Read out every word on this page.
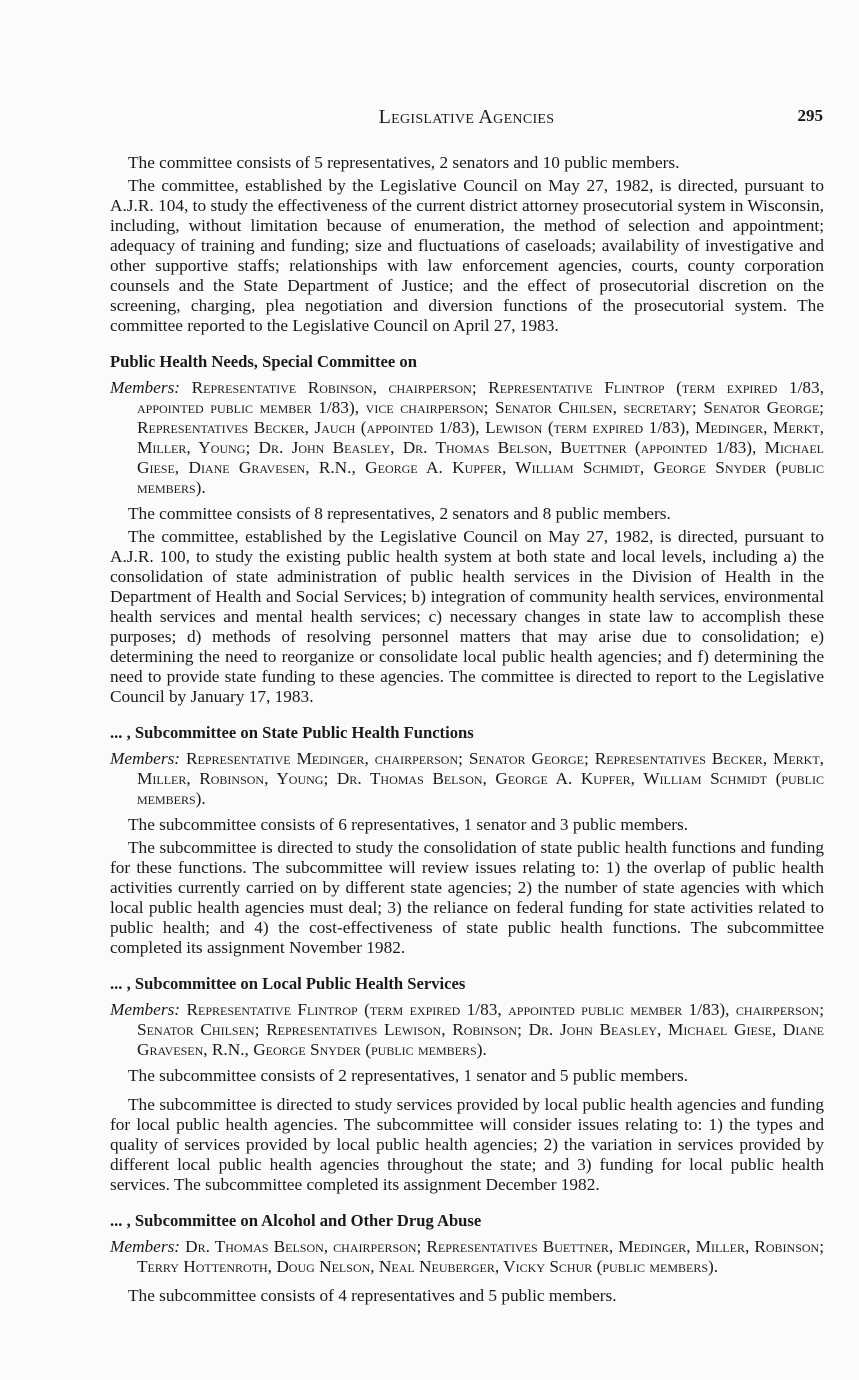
Legislative Agencies	295

The committee consists of 5 representatives, 2 senators and 10 public members.

The committee, established by the Legislative Council on May 27, 1982, is directed, pursuant to A.J.R. 104, to study the effectiveness of the current district attorney prosecutorial system in Wisconsin, including, without limitation because of enumeration, the method of selection and appointment; adequacy of training and funding; size and fluctuations of caseloads; availability of investigative and other supportive staffs; relationships with law enforcement agencies, courts, county corporation counsels and the State Department of Justice; and the effect of prosecutorial discretion on the screening, charging, plea negotiation and diversion functions of the prosecutorial system. The committee reported to the Legislative Council on April 27, 1983.

Public Health Needs, Special Committee on

Members: Representative Robinson, chairperson; Representative Flintrop (term expired 1/83, appointed public member 1/83), vice chairperson; Senator Chilsen, secretary; Senator George; Representatives Becker, Jauch (appointed 1/83), Lewison (term expired 1/83), Medinger, Merkt, Miller, Young; Dr. John Beasley, Dr. Thomas Belson, Buettner (appointed 1/83), Michael Giese, Diane Gravesen, R.N., George A. Kupfer, William Schmidt, George Snyder (public members).

The committee consists of 8 representatives, 2 senators and 8 public members.

The committee, established by the Legislative Council on May 27, 1982, is directed, pursuant to A.J.R. 100, to study the existing public health system at both state and local levels, including a) the consolidation of state administration of public health services in the Division of Health in the Department of Health and Social Services; b) integration of community health services, environmental health services and mental health services; c) necessary changes in state law to accomplish these purposes; d) methods of resolving personnel matters that may arise due to consolidation; e) determining the need to reorganize or consolidate local public health agencies; and f) determining the need to provide state funding to these agencies. The committee is directed to report to the Legislative Council by January 17, 1983.

... , Subcommittee on State Public Health Functions

Members: Representative Medinger, chairperson; Senator George; Representatives Becker, Merkt, Miller, Robinson, Young; Dr. Thomas Belson, George A. Kupfer, William Schmidt (public members).

The subcommittee consists of 6 representatives, 1 senator and 3 public members.

The subcommittee is directed to study the consolidation of state public health functions and funding for these functions. The subcommittee will review issues relating to: 1) the overlap of public health activities currently carried on by different state agencies; 2) the number of state agencies with which local public health agencies must deal; 3) the reliance on federal funding for state activities related to public health; and 4) the cost-effectiveness of state public health functions. The subcommittee completed its assignment November 1982.

... , Subcommittee on Local Public Health Services

Members: Representative Flintrop (term expired 1/83, appointed public member 1/83), chairperson; Senator Chilsen; Representatives Lewison, Robinson; Dr. John Beasley, Michael Giese, Diane Gravesen, R.N., George Snyder (public members).

The subcommittee consists of 2 representatives, 1 senator and 5 public members.

The subcommittee is directed to study services provided by local public health agencies and funding for local public health agencies. The subcommittee will consider issues relating to: 1) the types and quality of services provided by local public health agencies; 2) the variation in services provided by different local public health agencies throughout the state; and 3) funding for local public health services. The subcommittee completed its assignment December 1982.

... , Subcommittee on Alcohol and Other Drug Abuse

Members: Dr. Thomas Belson, chairperson; Representatives Buettner, Medinger, Miller, Robinson; Terry Hottenroth, Doug Nelson, Neal Neuberger, Vicky Schur (public members).

The subcommittee consists of 4 representatives and 5 public members.
